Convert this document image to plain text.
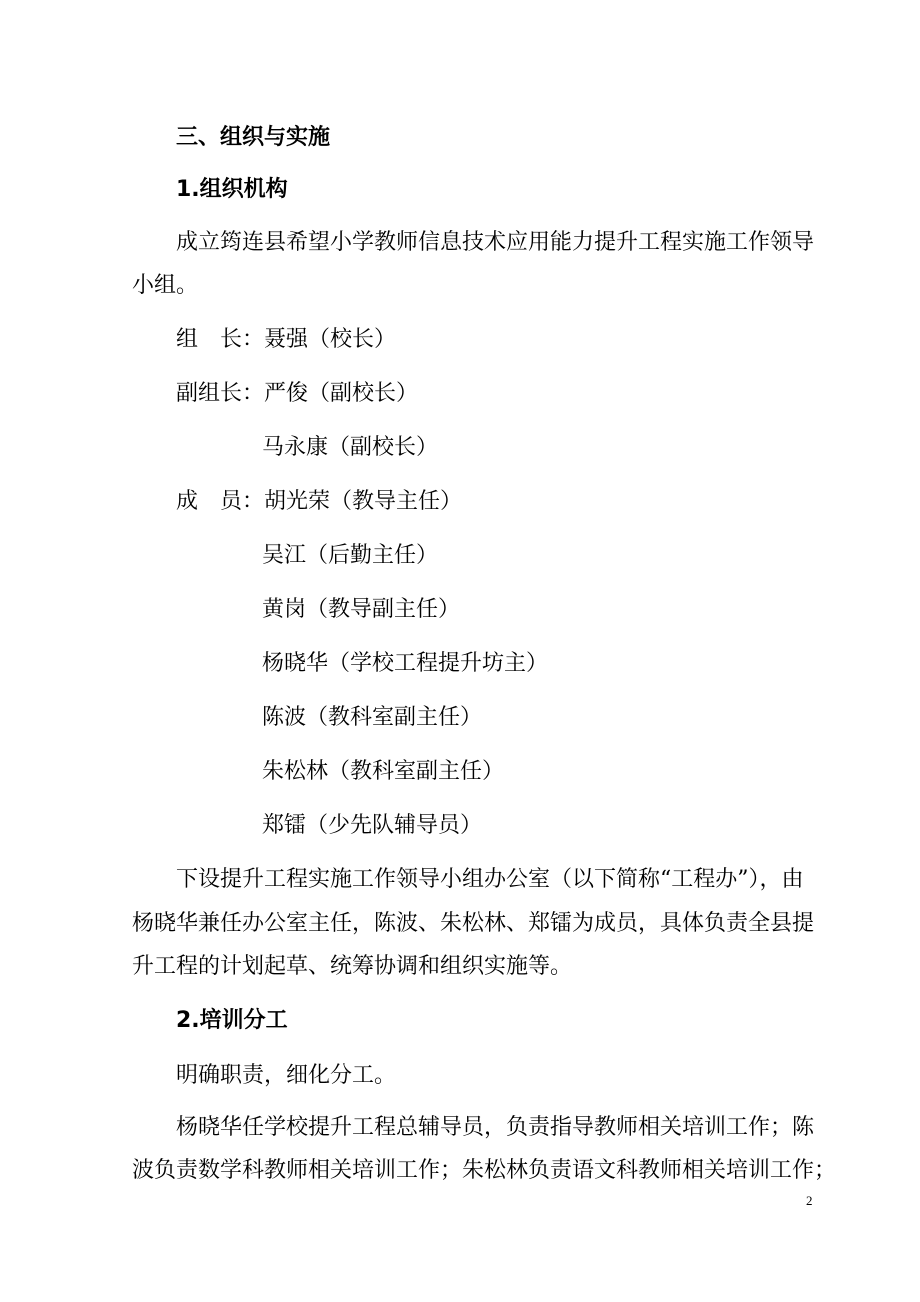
三、组织与实施
1.组织机构
成立筠连县希望小学教师信息技术应用能力提升工程实施工作领导
小组。
组　长：聂强（校长）
副组长：严俊（副校长）
马永康（副校长）
成　员：胡光荣（教导主任）
吴江（后勤主任）
黄岗（教导副主任）
杨晓华（学校工程提升坊主）
陈波（教科室副主任）
朱松林（教科室副主任）
郑镭（少先队辅导员）
下设提升工程实施工作领导小组办公室（以下简称“工程办”），由
杨晓华兼任办公室主任，陈波、朱松林、郑镭为成员，具体负责全县提
升工程的计划起草、统筹协调和组织实施等。
2.培训分工
明确职责，细化分工。
杨晓华任学校提升工程总辅导员，负责指导教师相关培训工作；陈
波负责数学科教师相关培训工作；朱松林负责语文科教师相关培训工作；
2
